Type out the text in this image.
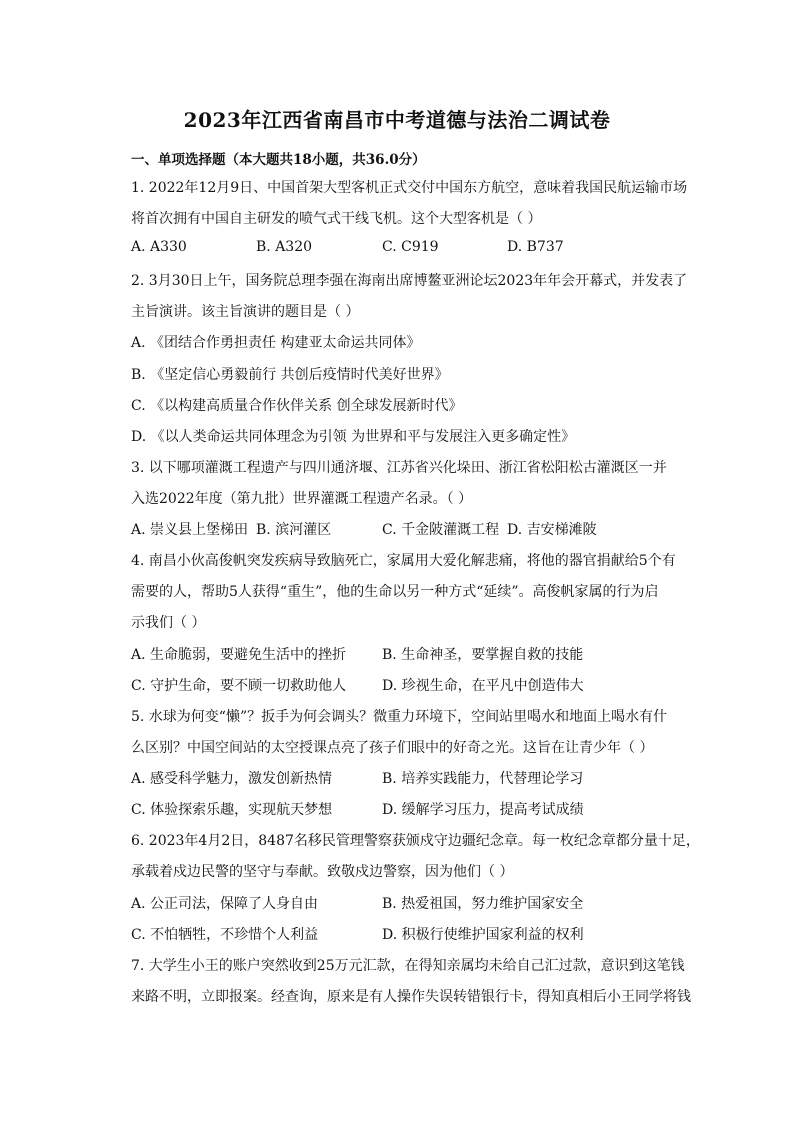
2023年江西省南昌市中考道德与法治二调试卷
一、单项选择题（本大题共18小题，共36.0分）
1. 2022年12月9日、中国首架大型客机正式交付中国东方航空，意味着我国民航运输市场
将首次拥有中国自主研发的喷气式干线飞机。这个大型客机是（ ）
A. A330	B. A320	C. C919	D. B737
2. 3月30日上午，国务院总理李强在海南出席博鳌亚洲论坛2023年年会开幕式，并发表了
主旨演讲。该主旨演讲的题目是（ ）
A. 《团结合作勇担责任 构建亚太命运共同体》
B. 《坚定信心勇毅前行 共创后疫情时代美好世界》
C. 《以构建高质量合作伙伴关系 创全球发展新时代》
D. 《以人类命运共同体理念为引领 为世界和平与发展注入更多确定性》
3. 以下哪项灌溉工程遗产与四川通济堰、江苏省兴化垛田、浙江省松阳松古灌溉区一并
入选2022年度（第九批）世界灌溉工程遗产名录。（ ）
A. 崇义县上堡梯田 B. 滨河灌区	C. 千金陂灌溉工程 D. 吉安梯滩陂
4. 南昌小伙高俊帆突发疾病导致脑死亡，家属用大爱化解悲痛，将他的器官捐献给5个有
需要的人，帮助5人获得“重生”，他的生命以另一种方式“延续”。高俊帆家属的行为启
示我们（ ）
A. 生命脆弱，要避免生活中的挫折	B. 生命神圣，要掌握自救的技能
C. 守护生命，要不顾一切救助他人	D. 珍视生命，在平凡中创造伟大
5. 水球为何变“懒”？扳手为何会调头？微重力环境下，空间站里喝水和地面上喝水有什
么区别？中国空间站的太空授课点亮了孩子们眼中的好奇之光。这旨在让青少年（ ）
A. 感受科学魅力，激发创新热情	B. 培养实践能力，代替理论学习
C. 体验探索乐趣，实现航天梦想	D. 缓解学习压力，提高考试成绩
6. 2023年4月2日，8487名移民管理警察获颁戍守边疆纪念章。每一枚纪念章都分量十足，
承载着戍边民警的坚守与奉献。致敬戍边警察，因为他们（ ）
A. 公正司法，保障了人身自由	B. 热爱祖国，努力维护国家安全
C. 不怕牺牲，不珍惜个人利益	D. 积极行使维护国家利益的权利
7. 大学生小王的账户突然收到25万元汇款，在得知亲属均未给自己汇过款，意识到这笔钱
来路不明，立即报案。经查询，原来是有人操作失误转错银行卡，得知真相后小王同学将钱
